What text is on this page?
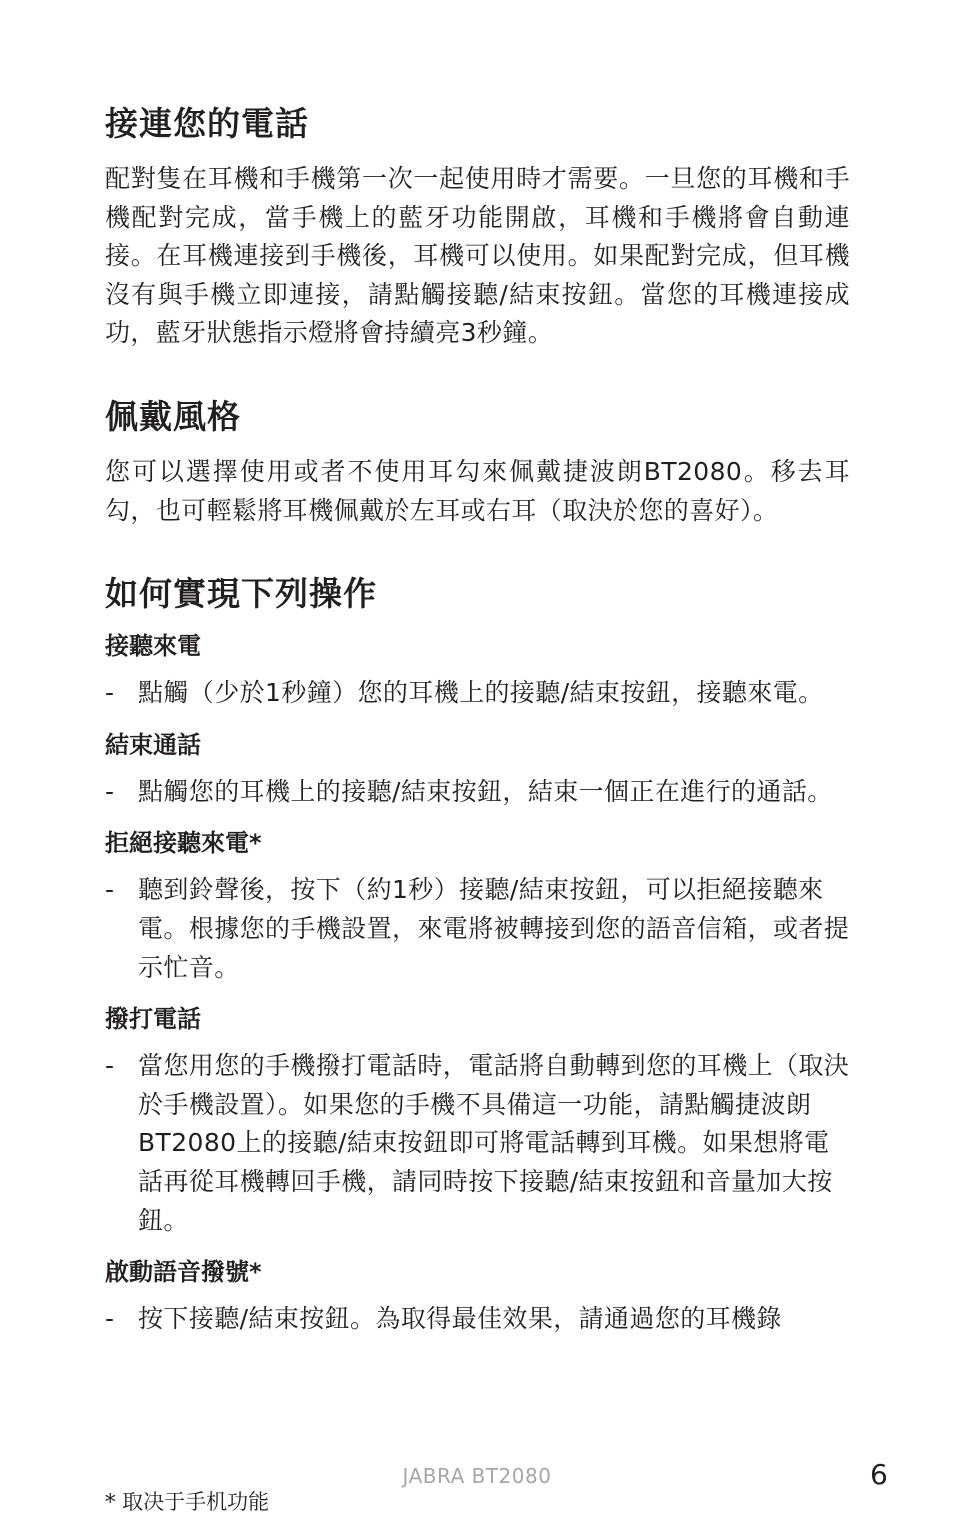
接連您的電話

配對隻在耳機和手機第一次一起使用時才需要。一旦您的耳機和手機配對完成，當手機上的藍牙功能開啟，耳機和手機將會自動連接。在耳機連接到手機後，耳機可以使用。如果配對完成，但耳機沒有與手機立即連接，請點觸接聽/結束按鈕。當您的耳機連接成功，藍牙狀態指示燈將會持續亮3秒鐘。

佩戴風格

您可以選擇使用或者不使用耳勾來佩戴捷波朗BT2080。移去耳勾，也可輕鬆將耳機佩戴於左耳或右耳（取決於您的喜好）。

如何實現下列操作
接聽來電
- 點觸（少於1秒鐘）您的耳機上的接聽/結束按鈕，接聽來電。
結束通話
- 點觸您的耳機上的接聽/結束按鈕，結束一個正在進行的通話。
拒絕接聽來電*
- 聽到鈴聲後，按下（約1秒）接聽/結束按鈕，可以拒絕接聽來電。根據您的手機設置，來電將被轉接到您的語音信箱，或者提示忙音。
撥打電話
- 當您用您的手機撥打電話時，電話將自動轉到您的耳機上（取決於手機設置）。如果您的手機不具備這一功能，請點觸捷波朗BT2080上的接聽/結束按鈕即可將電話轉到耳機。如果想將電話再從耳機轉回手機，請同時按下接聽/結束按鈕和音量加大按鈕。
啟動語音撥號*
- 按下接聽/結束按鈕。為取得最佳效果，請通過您的耳機錄
JABRA BT2080	6
* 取决于手机功能
